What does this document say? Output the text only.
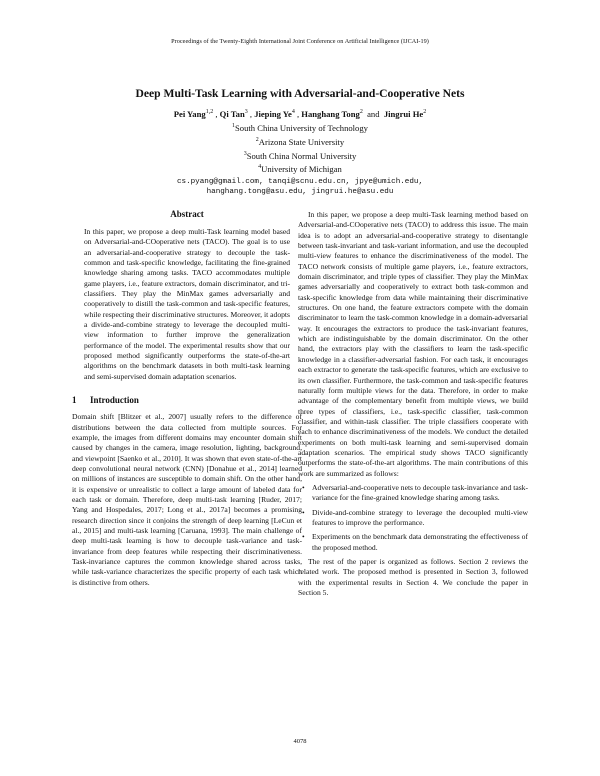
Proceedings of the Twenty-Eighth International Joint Conference on Artificial Intelligence (IJCAI-19)
Deep Multi-Task Learning with Adversarial-and-Cooperative Nets
Pei Yang$^{1,2}$ , Qi Tan$^3$ , Jieping Ye$^4$ , Hanghang Tong$^2$  and  Jingrui He$^2$
$^1$South China University of Technology
$^2$Arizona State University
$^3$South China Normal University
$^4$University of Michigan
cs.pyang@gmail.com, tanqi@scnu.edu.cn, jpye@umich.edu,
hanghang.tong@asu.edu, jingrui.he@asu.edu
Abstract

In this paper, we propose a deep multi-Task learning model based on Adversarial-and-COoperative nets (TACO). The goal is to use an adversarial-and-cooperative strategy to decouple the task-common and task-specific knowledge, facilitating the fine-grained knowledge sharing among tasks. TACO accommodates multiple game players, i.e., feature extractors, domain discriminator, and tri-classifiers. They play the MinMax games adversarially and cooperatively to distill the task-common and task-specific features, while respecting their discriminative structures. Moreover, it adopts a divide-and-combine strategy to leverage the decoupled multi-view information to further improve the generalization performance of the model. The experimental results show that our proposed method significantly outperforms the state-of-the-art algorithms on the benchmark datasets in both multi-task learning and semi-supervised domain adaptation scenarios.

1 Introduction

Domain shift [Blitzer et al., 2007] usually refers to the difference of distributions between the data collected from multiple sources. For example, the images from different domains may encounter domain shift caused by changes in the camera, image resolution, lighting, background, and viewpoint [Saenko et al., 2010]. It was shown that even state-of-the-art deep convolutional neural network (CNN) [Donahue et al., 2014] learned on millions of instances are susceptible to domain shift. On the other hand, it is expensive or unrealistic to collect a large amount of labeled data for each task or domain. Therefore, deep multi-task learning [Ruder, 2017; Yang and Hospedales, 2017; Long et al., 2017a] becomes a promising research direction since it conjoins the strength of deep learning [LeCun et al., 2015] and multi-task learning [Caruana, 1993]. The main challenge of deep multi-task learning is how to decouple task-variance and task-invariance from deep features while respecting their discriminativeness. Task-invariance captures the common knowledge shared across tasks, while task-variance characterizes the specific property of each task which is distinctive from others.

In this paper, we propose a deep multi-Task learning method based on Adversarial-and-COoperative nets (TACO) to address this issue. The main idea is to adopt an adversarial-and-cooperative strategy to disentangle between task-invariant and task-variant information, and use the decoupled multi-view features to enhance the discriminativeness of the model. The TACO network consists of multiple game players, i.e., feature extractors, domain discriminator, and triple types of classifier. They play the MinMax games adversarially and cooperatively to extract both task-common and task-specific knowledge from data while maintaining their discriminative structures. On one hand, the feature extractors compete with the domain discriminator to learn the task-common knowledge in a domain-adversarial way. It encourages the extractors to produce the task-invariant features, which are indistinguishable by the domain discriminator. On the other hand, the extractors play with the classifiers to learn the task-specific knowledge in a classifier-adversarial fashion. For each task, it encourages each extractor to generate the task-specific features, which are exclusive to its own classifier. Furthermore, the task-common and task-specific features naturally form multiple views for the data. Therefore, in order to make advantage of the complementary benefit from multiple views, we build three types of classifiers, i.e., task-specific classifier, task-common classifier, and within-task classifier. The triple classifiers cooperate with each to enhance discriminativeness of the models. We conduct the detailed experiments on both multi-task learning and semi-supervised domain adaptation scenarios. The empirical study shows TACO significantly outperforms the state-of-the-art algorithms. The main contributions of this work are summarized as follows:

• Adversarial-and-cooperative nets to decouple task-invariance and task-variance for the fine-grained knowledge sharing among tasks.
• Divide-and-combine strategy to leverage the decoupled multi-view features to improve the performance.
• Experiments on the benchmark data demonstrating the effectiveness of the proposed method.

The rest of the paper is organized as follows. Section 2 reviews the related work. The proposed method is presented in Section 3, followed with the experimental results in Section 4. We conclude the paper in Section 5.

4078
